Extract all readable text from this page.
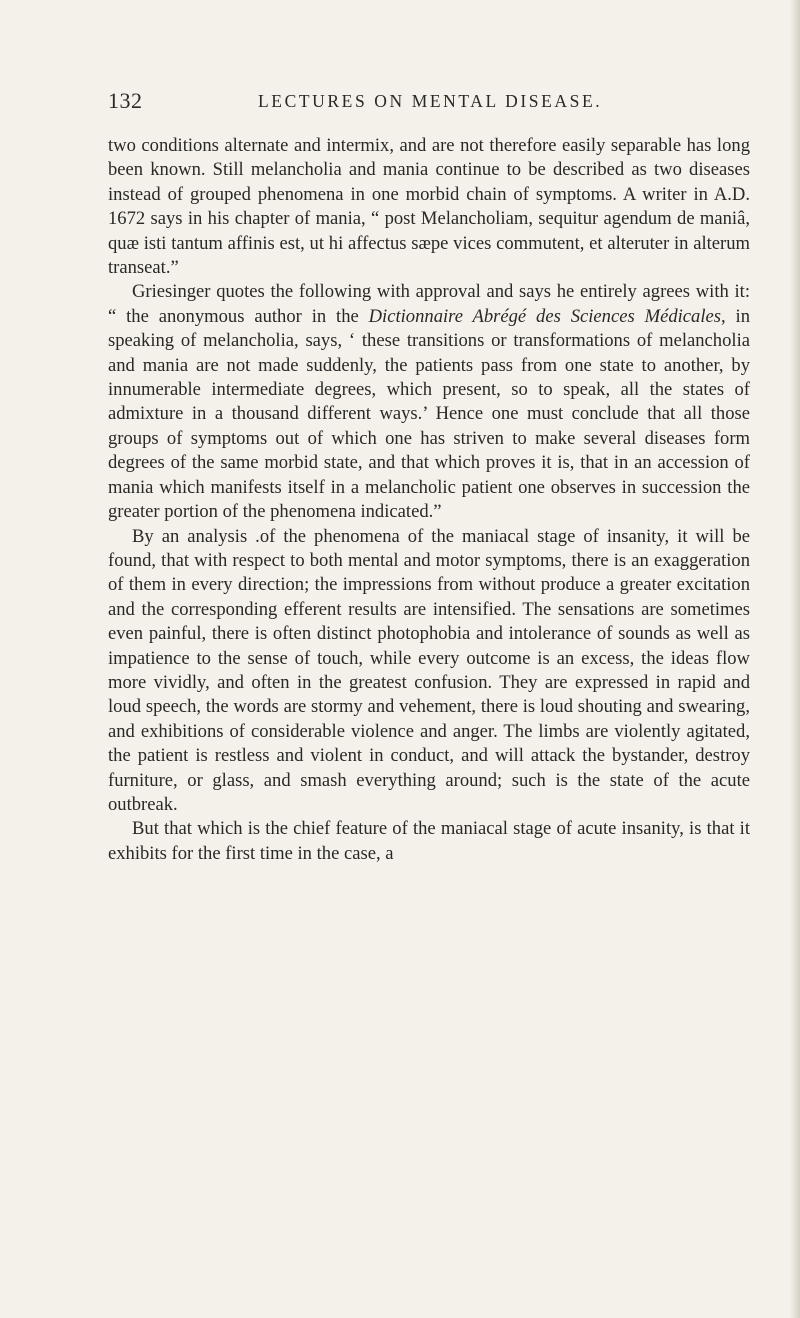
132	LECTURES ON MENTAL DISEASE.

two conditions alternate and intermix, and are not therefore easily separable has long been known. Still melancholia and mania continue to be described as two diseases instead of grouped phenomena in one morbid chain of symptoms. A writer in A.D. 1672 says in his chapter of mania, “ post Melancholiam, sequitur agendum de maniâ, quæ isti tantum affinis est, ut hi affectus sæpe vices commutent, et alteruter in alterum transeat.”

Griesinger quotes the following with approval and says he entirely agrees with it: “ the anonymous author in the Dictionnaire Abrégé des Sciences Médicales, in speaking of melancholia, says, ‘ these transitions or transformations of melancholia and mania are not made suddenly, the patients pass from one state to another, by innumerable intermediate degrees, which present, so to speak, all the states of admixture in a thousand different ways.’ Hence one must conclude that all those groups of symptoms out of which one has striven to make several diseases form degrees of the same morbid state, and that which proves it is, that in an accession of mania which manifests itself in a melancholic patient one observes in succession the greater portion of the phenomena indicated.”

By an analysis .of the phenomena of the maniacal stage of insanity, it will be found, that with respect to both mental and motor symptoms, there is an exaggeration of them in every direction; the impressions from without produce a greater excitation and the corresponding efferent results are intensified. The sensations are sometimes even painful, there is often distinct photophobia and intolerance of sounds as well as impatience to the sense of touch, while every outcome is an excess, the ideas flow more vividly, and often in the greatest confusion. They are expressed in rapid and loud speech, the words are stormy and vehement, there is loud shouting and swearing, and exhibitions of considerable violence and anger. The limbs are violently agitated, the patient is restless and violent in conduct, and will attack the bystander, destroy furniture, or glass, and smash everything around; such is the state of the acute outbreak.

But that which is the chief feature of the maniacal stage of acute insanity, is that it exhibits for the first time in the case, a
